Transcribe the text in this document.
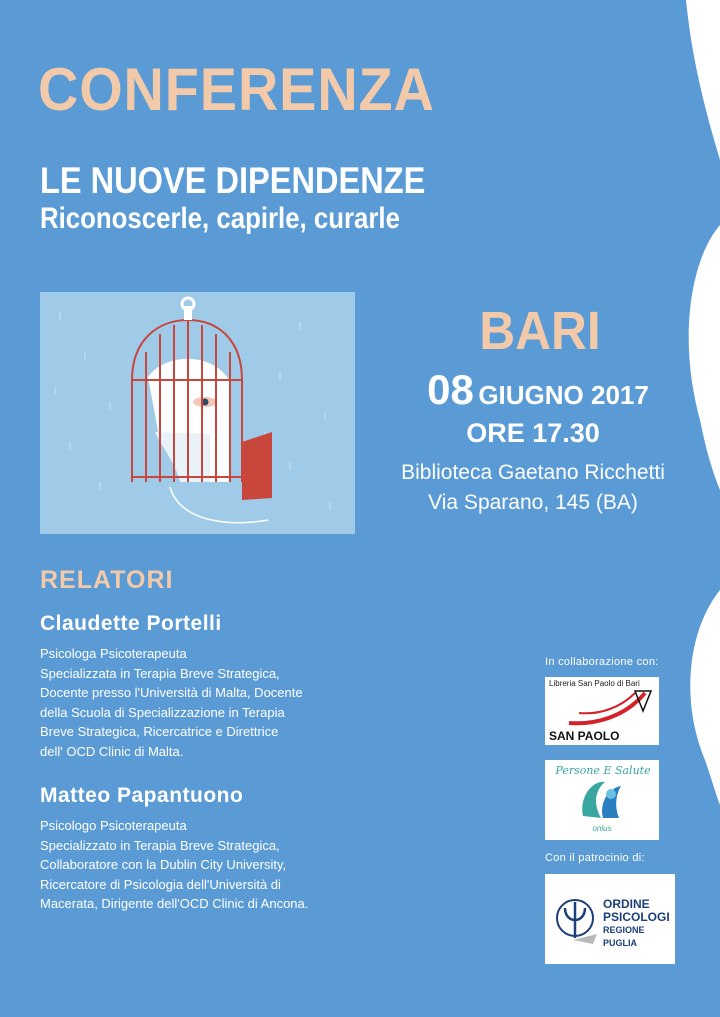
CONFERENZA
LE NUOVE DIPENDENZE
Riconoscerle, capirle, curarle
BARI
08 GIUGNO 2017
ORE 17.30
Biblioteca Gaetano Ricchetti
Via Sparano, 145 (BA)
RELATORI
Claudette Portelli
Psicologa Psicoterapeuta
Specializzata in Terapia Breve Strategica,
Docente presso l'Università di Malta, Docente
della Scuola di Specializzazione in Terapia
Breve Strategica, Ricercatrice e Direttrice
dell' OCD Clinic di Malta.
Matteo Papantuono
Psicologo Psicoterapeuta
Specializzato in Terapia Breve Strategica,
Collaboratore con la Dublin City University,
Ricercatore di Psicologia dell'Università di
Macerata, Dirigente dell'OCD Clinic di Ancona.
In collaborazione con:
Libreria San Paolo di Bari
SAN PAOLO
Persone E Salute
onlus
Con il patrocinio di:
ORDINE
PSICOLOGI
REGIONE
PUGLIA
